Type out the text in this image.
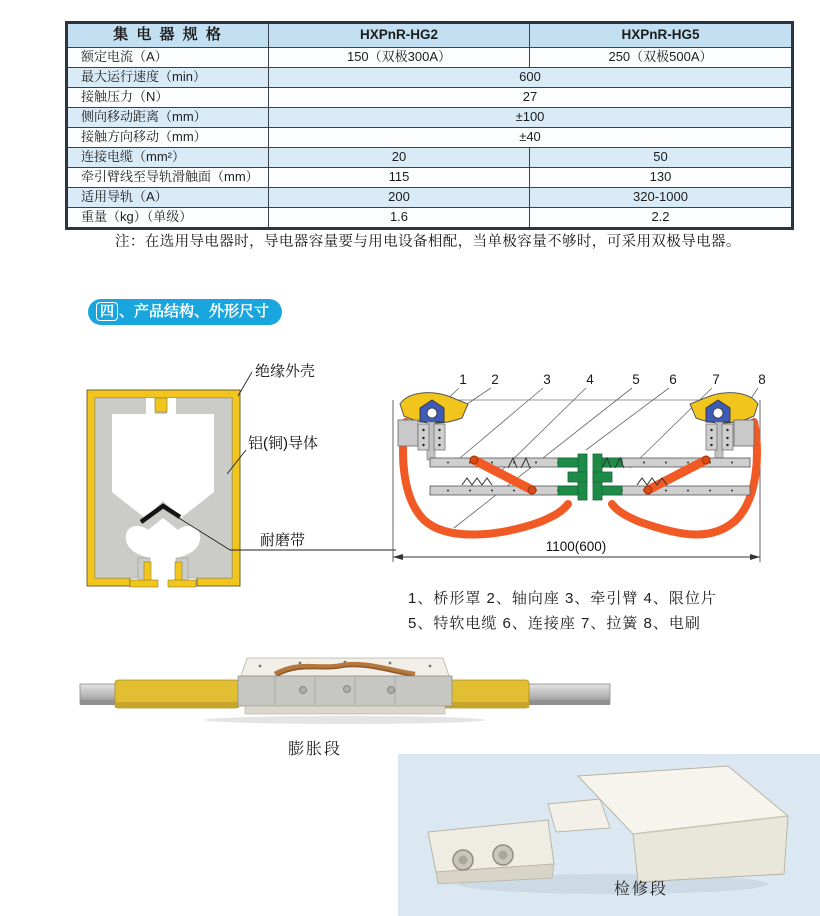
集 电 器 规 格	HXPnR-HG2	HXPnR-HG5
额定电流（A）	150（双极300A）	250（双极500A）
最大运行速度（min）	600	
接触压力（N）	27	
侧向移动距离（mm）	±100	
接触方向移动（mm）	±40	
连接电缆（mm²）	20	50
牵引臂线至导轨滑触面（mm）	115	130
适用导轨（A）	200	320-1000
重量（kg）（单级）	1.6	2.2
注：在选用导电器时，导电器容量要与用电设备相配，当单极容量不够时，可采用双极导电器。
四 、产品结构、外形尺寸
绝缘外壳
铝(铜)导体
耐磨带	1100(600)
1 2	3	4	5 6	7	8
1、桥形罩 2、轴向座 3、牵引臂 4、限位片
5、特软电缆 6、连接座 7、拉簧 8、电刷
膨胀段
检修段
